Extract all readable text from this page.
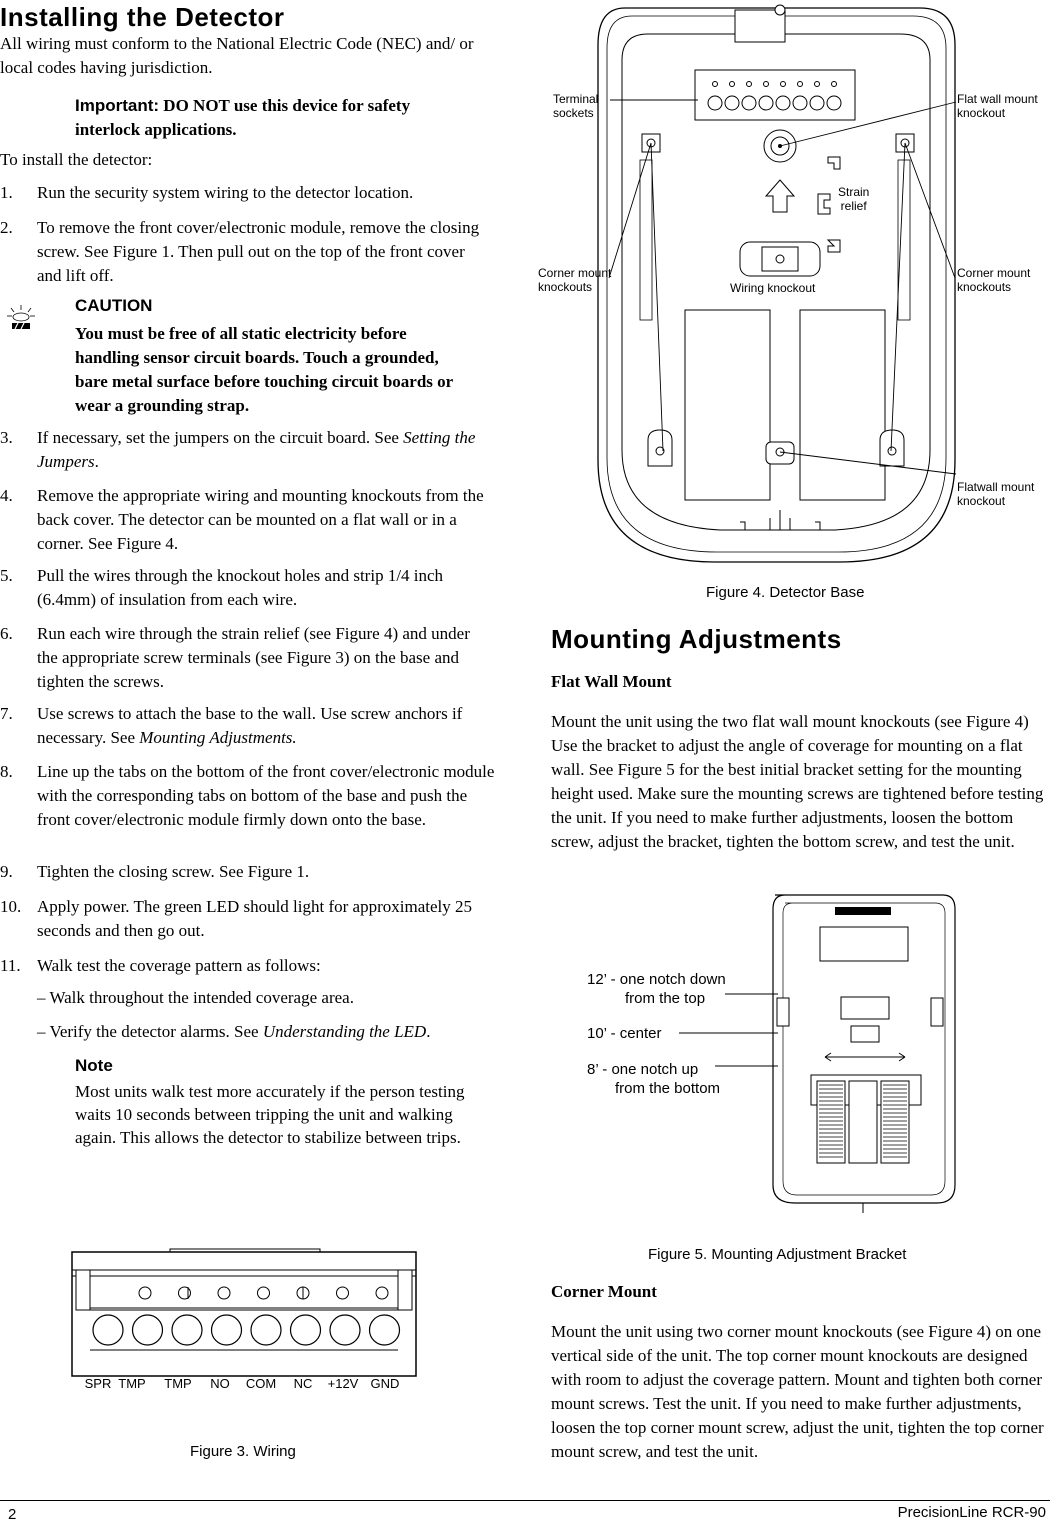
Installing the Detector

All wiring must conform to the National Electric Code (NEC) and/ or local codes having jurisdiction.

Important: DO NOT use this device for safety interlock applications.

To install the detector:

1.	Run the security system wiring to the detector location.
2.	To remove the front cover/electronic module, remove the closing screw. See Figure 1. Then pull out on the top of the front cover and lift off.
CAUTION
You must be free of all static electricity before handling sensor circuit boards. Touch a grounded, bare metal surface before touching circuit boards or wear a grounding strap.
3.	If necessary, set the jumpers on the circuit board. See Setting the Jumpers.
4.	Remove the appropriate wiring and mounting knockouts from the back cover. The detector can be mounted on a flat wall or in a corner. See Figure 4.
5.	Pull the wires through the knockout holes and strip 1/4 inch (6.4mm) of insulation from each wire.
6.	Run each wire through the strain relief (see Figure 4) and under the appropriate screw terminals (see Figure 3) on the base and tighten the screws.
7.	Use screws to attach the base to the wall. Use screw anchors if necessary. See Mounting Adjustments.
8.	Line up the tabs on the bottom of the front cover/electronic module with the corresponding tabs on bottom of the base and push the front cover/electronic module firmly down onto the base.
9.	Tighten the closing screw. See Figure 1.
10. Apply power. The green LED should light for approximately 25 seconds and then go out.
11. Walk test the coverage pattern as follows:
– Walk throughout the intended coverage area.
– Verify the detector alarms. See Understanding the LED.
Note
Most units walk test more accurately if the person testing waits 10 seconds between tripping the unit and walking again. This allows the detector to stabilize between trips.
SPR TMP TMP NO COM NC +12V GND
Figure 3. Wiring
Terminal
sockets
Flat wall mount
knockout
Strain
relief
Corner mount
knockouts
Corner mount
knockouts
Wiring knockout
Flatwall mount
knockout
Figure 4. Detector Base
Mounting Adjustments
Flat Wall Mount

Mount the unit using the two flat wall mount knockouts (see Figure 4) Use the bracket to adjust the angle of coverage for mounting on a flat wall. See Figure 5 for the best initial bracket setting for the mounting height used. Make sure the mounting screws are tightened before testing the unit. If you need to make further adjustments, loosen the bottom screw, adjust the bracket, tighten the bottom screw, and test the unit.

12’ - one notch down
from the top
10’ - center
8’ - one notch up
from the bottom
Figure 5. Mounting Adjustment Bracket
Corner Mount

Mount the unit using two corner mount knockouts (see Figure 4) on one vertical side of the unit. The top corner mount knockouts are designed with room to adjust the coverage pattern. Mount and tighten both corner mount screws. Test the unit. If you need to make further adjustments, loosen the top corner mount screw, adjust the unit, tighten the top corner mount screw, and test the unit.

2	PrecisionLine RCR-90
